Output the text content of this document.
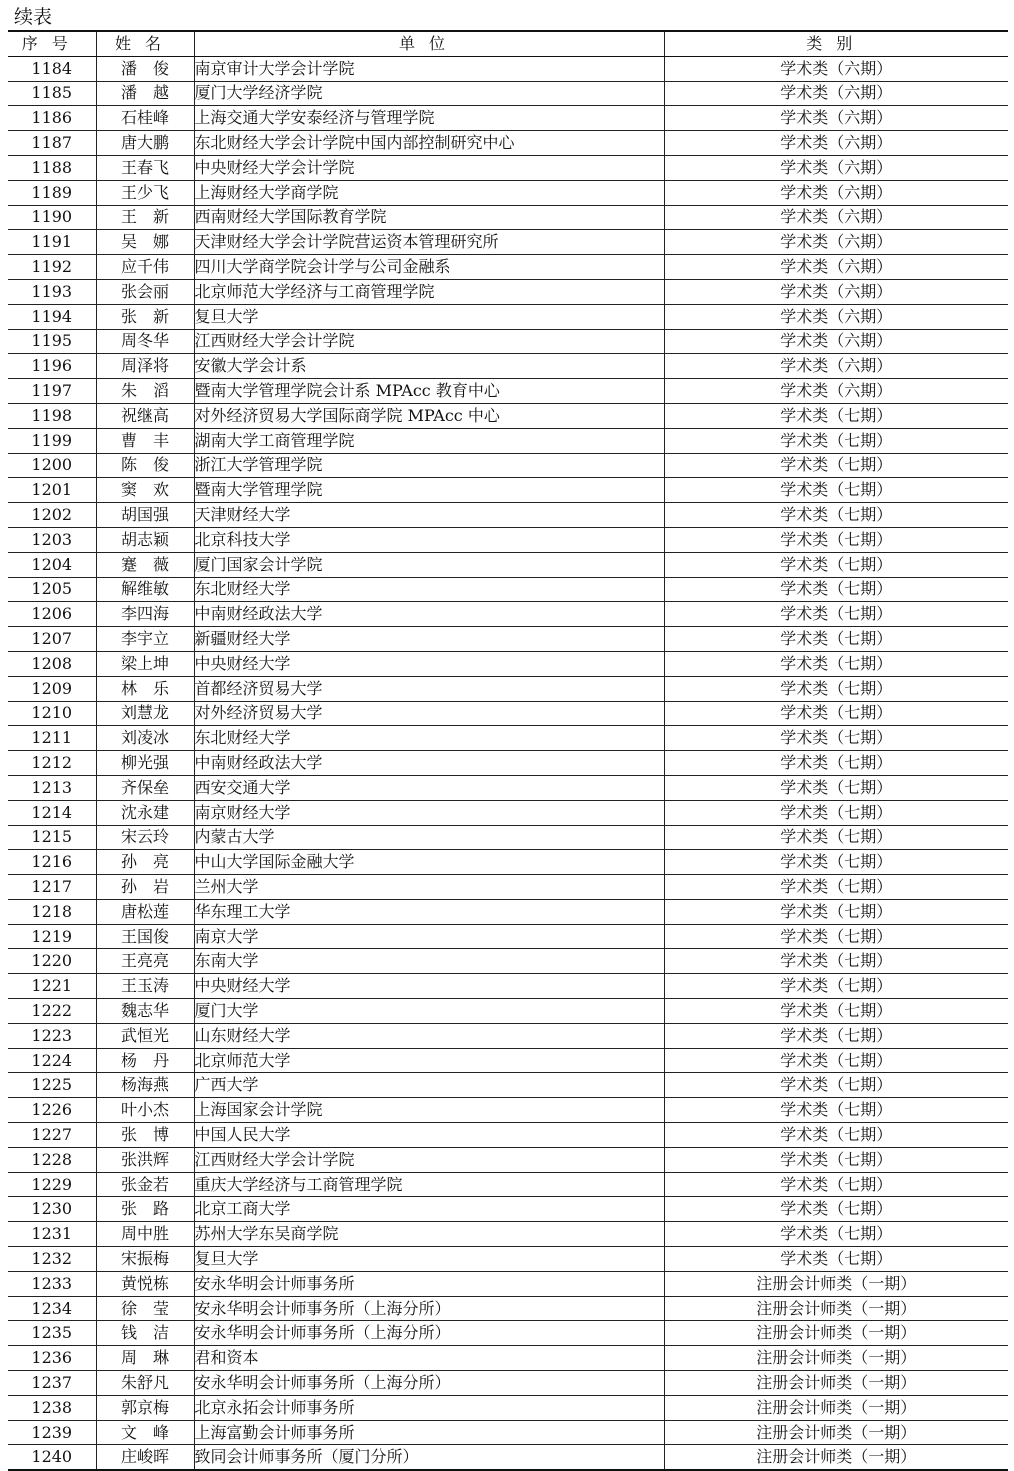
续表
序号	姓名	单位	类别
1184	潘俊	南京审计大学会计学院	学术类（六期）
1185	潘越	厦门大学经济学院	学术类（六期）
1186	石桂峰	上海交通大学安泰经济与管理学院	学术类（六期）
1187	唐大鹏	东北财经大学会计学院中国内部控制研究中心	学术类（六期）
1188	王春飞	中央财经大学会计学院	学术类（六期）
1189	王少飞	上海财经大学商学院	学术类（六期）
1190	王新	西南财经大学国际教育学院	学术类（六期）
1191	吴娜	天津财经大学会计学院营运资本管理研究所	学术类（六期）
1192	应千伟	四川大学商学院会计学与公司金融系	学术类（六期）
1193	张会丽	北京师范大学经济与工商管理学院	学术类（六期）
1194	张新	复旦大学	学术类（六期）
1195	周冬华	江西财经大学会计学院	学术类（六期）
1196	周泽将	安徽大学会计系	学术类（六期）
1197	朱滔	暨南大学管理学院会计系 MPAcc 教育中心	学术类（六期）
1198	祝继高	对外经济贸易大学国际商学院 MPAcc 中心	学术类（七期）
1199	曹丰	湖南大学工商管理学院	学术类（七期）
1200	陈俊	浙江大学管理学院	学术类（七期）
1201	窦欢	暨南大学管理学院	学术类（七期）
1202	胡国强	天津财经大学	学术类（七期）
1203	胡志颖	北京科技大学	学术类（七期）
1204	蹇薇	厦门国家会计学院	学术类（七期）
1205	解维敏	东北财经大学	学术类（七期）
1206	李四海	中南财经政法大学	学术类（七期）
1207	李宇立	新疆财经大学	学术类（七期）
1208	梁上坤	中央财经大学	学术类（七期）
1209	林乐	首都经济贸易大学	学术类（七期）
1210	刘慧龙	对外经济贸易大学	学术类（七期）
1211	刘凌冰	东北财经大学	学术类（七期）
1212	柳光强	中南财经政法大学	学术类（七期）
1213	齐保垒	西安交通大学	学术类（七期）
1214	沈永建	南京财经大学	学术类（七期）
1215	宋云玲	内蒙古大学	学术类（七期）
1216	孙亮	中山大学国际金融大学	学术类（七期）
1217	孙岩	兰州大学	学术类（七期）
1218	唐松莲	华东理工大学	学术类（七期）
1219	王国俊	南京大学	学术类（七期）
1220	王亮亮	东南大学	学术类（七期）
1221	王玉涛	中央财经大学	学术类（七期）
1222	魏志华	厦门大学	学术类（七期）
1223	武恒光	山东财经大学	学术类（七期）
1224	杨丹	北京师范大学	学术类（七期）
1225	杨海燕	广西大学	学术类（七期）
1226	叶小杰	上海国家会计学院	学术类（七期）
1227	张博	中国人民大学	学术类（七期）
1228	张洪辉	江西财经大学会计学院	学术类（七期）
1229	张金若	重庆大学经济与工商管理学院	学术类（七期）
1230	张路	北京工商大学	学术类（七期）
1231	周中胜	苏州大学东吴商学院	学术类（七期）
1232	宋振梅	复旦大学	学术类（七期）
1233	黄悦栋	安永华明会计师事务所	注册会计师类（一期）
1234	徐莹	安永华明会计师事务所（上海分所）	注册会计师类（一期）
1235	钱洁	安永华明会计师事务所（上海分所）	注册会计师类（一期）
1236	周琳	君和资本	注册会计师类（一期）
1237	朱舒凡	安永华明会计师事务所（上海分所）	注册会计师类（一期）
1238	郭京梅	北京永拓会计师事务所	注册会计师类（一期）
1239	文峰	上海富勤会计师事务所	注册会计师类（一期）
1240	庄峻晖	致同会计师事务所（厦门分所）	注册会计师类（一期）
